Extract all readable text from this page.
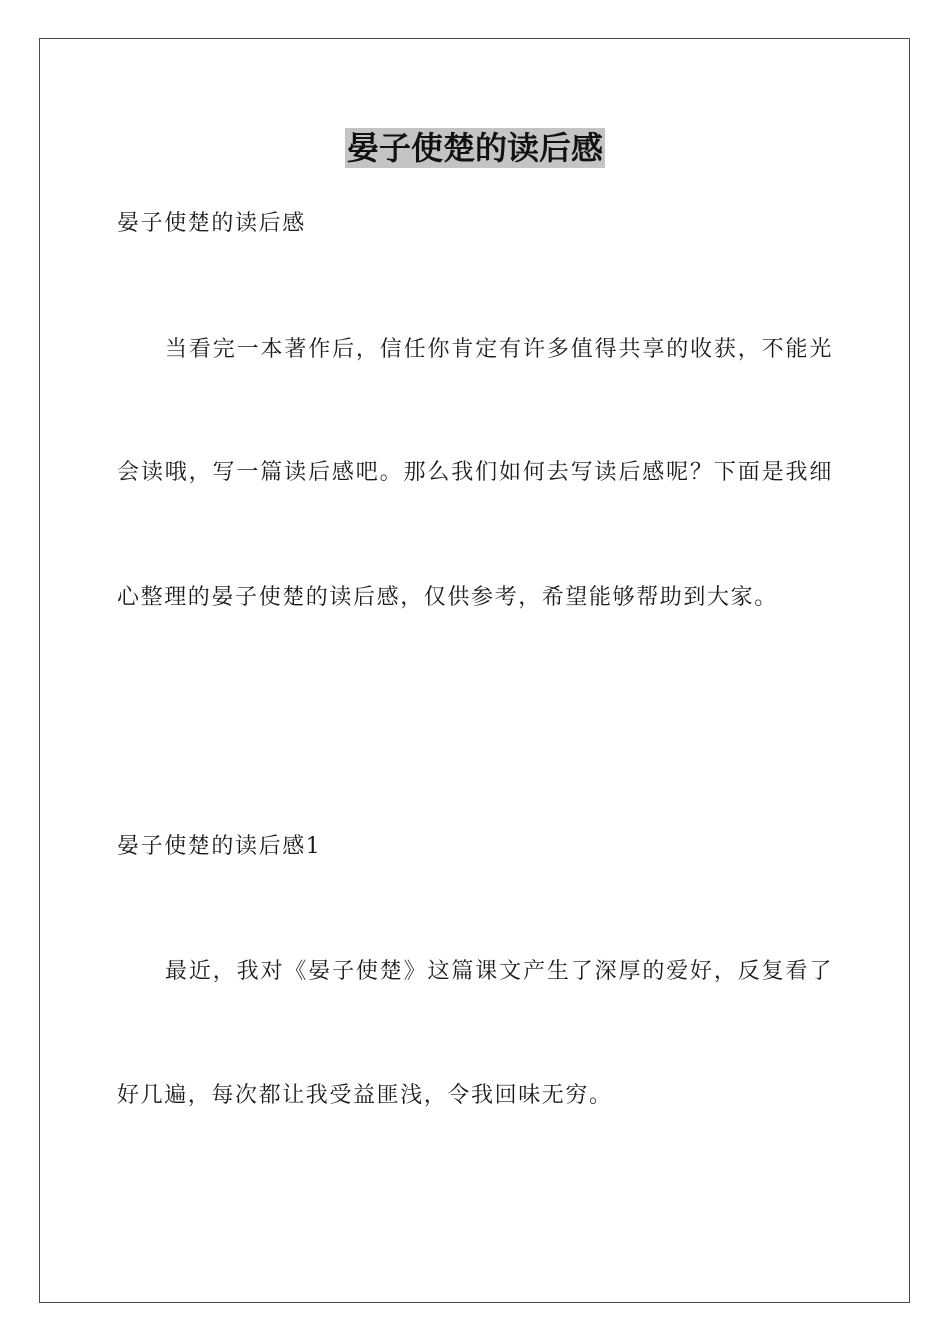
晏子使楚的读后感
晏子使楚的读后感
当看完一本著作后，信任你肯定有许多值得共享的收获，不能光
会读哦，写一篇读后感吧。那么我们如何去写读后感呢？下面是我细
心整理的晏子使楚的读后感，仅供参考，希望能够帮助到大家。
晏子使楚的读后感1
最近，我对《晏子使楚》这篇课文产生了深厚的爱好，反复看了
好几遍，每次都让我受益匪浅，令我回味无穷。
